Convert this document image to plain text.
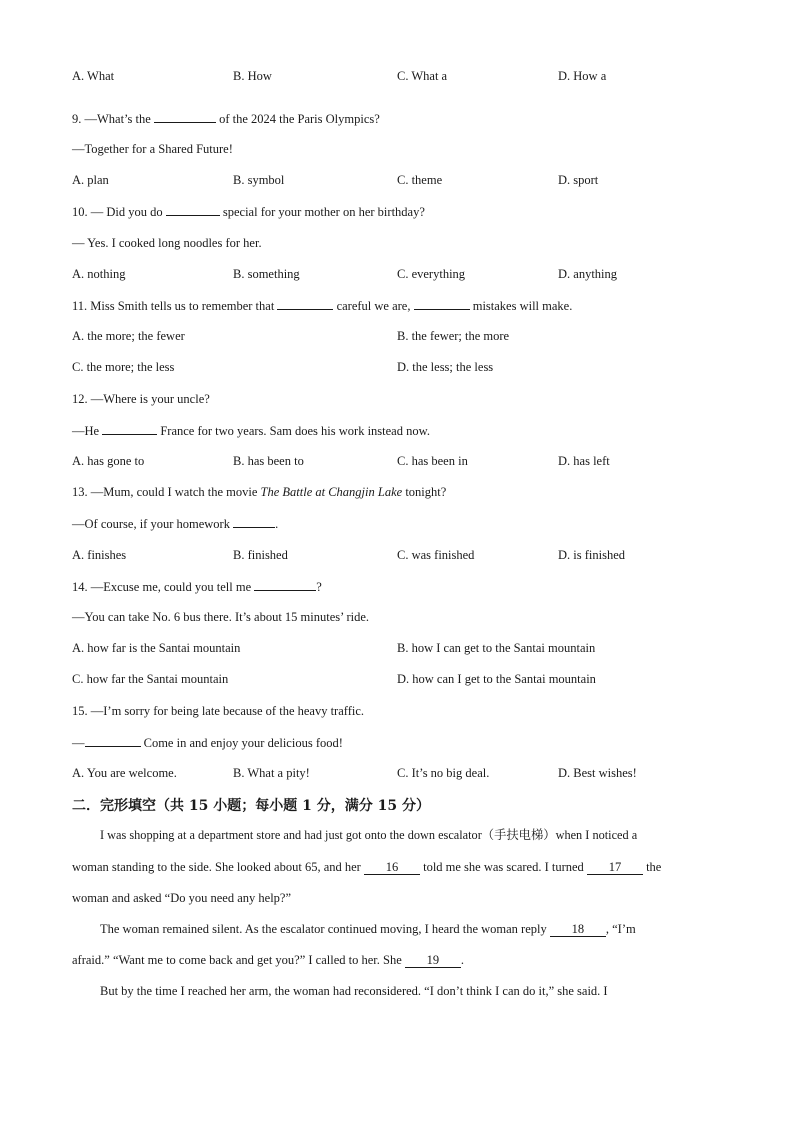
A. What	B. How	C. What a	D. How a
9. —What’s the	of the 2024 the Paris Olympics?
—Together for a Shared Future!
A. plan	B. symbol	C. theme	D. sport
10. — Did you do	special for your mother on her birthday?
— Yes. I cooked long noodles for her.
A. nothing	B. something	C. everything	D. anything
11. Miss Smith tells us to remember that	careful we are,	mistakes will make.
A. the more; the fewer	B. the fewer; the more
C. the more; the less	D. the less; the less
12. —Where is your uncle?
—He	France for two years. Sam does his work instead now.
A. has gone to	B. has been to	C. has been in	D. has left
13. —Mum, could I watch the movie The Battle at Changjin Lake tonight?
—Of course, if your homework	.
A. finishes	B. finished	C. was finished	D. is finished
14. —Excuse me, could you tell me	?
—You can take No. 6 bus there. It’s about 15 minutes’ ride.
A. how far is the Santai mountain	B. how I can get to the Santai mountain
C. how far the Santai mountain	D. how can I get to the Santai mountain
15. —I’m sorry for being late because of the heavy traffic.
—	Come in and enjoy your delicious food!
A. You are welcome.	B. What a pity!	C. It’s no big deal.	D. Best wishes!
二．完形填空（共 15 小题；每小题 1 分，满分 15 分）
I was shopping at a department store and had just got onto the down escalator（手扶电梯）when I noticed a
woman standing to the side. She looked about 65, and her 16 told me she was scared. I turned 17 the
woman and asked “Do you need any help?”
The woman remained silent. As the escalator continued moving, I heard the woman reply 18 , “I’m
afraid.” “Want me to come back and get you?” I called to her. She 19 .
But by the time I reached her arm, the woman had reconsidered. “I don’t think I can do it,” she said. I
